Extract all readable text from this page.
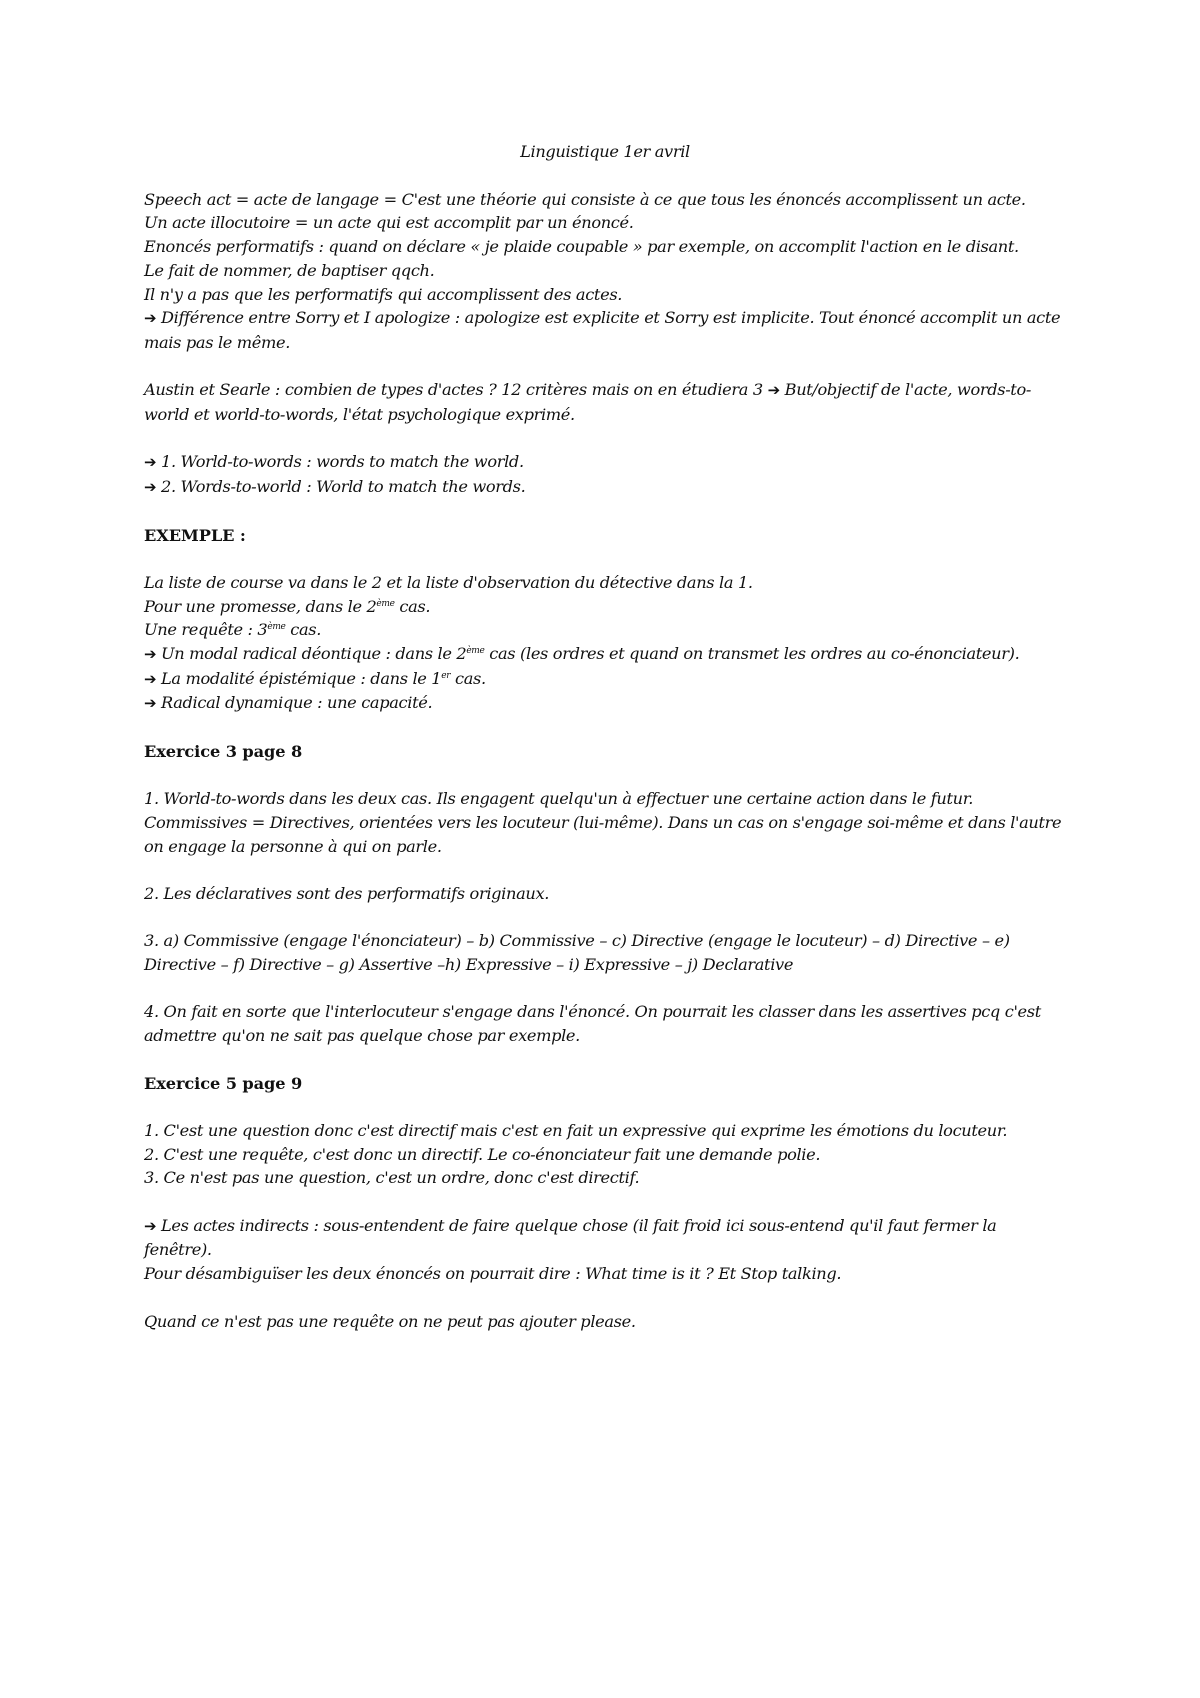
Linguistique 1er avril

Speech act = acte de langage = C'est une théorie qui consiste à ce que tous les énoncés accomplissent un acte.

Un acte illocutoire = un acte qui est accomplit par un énoncé.

Enoncés performatifs : quand on déclare « je plaide coupable » par exemple, on accomplit l'action en le disant.

Le fait de nommer, de baptiser qqch.

Il n'y a pas que les performatifs qui accomplissent des actes.

➔ Différence entre Sorry et I apologize : apologize est explicite et Sorry est implicite. Tout énoncé accomplit un acte mais pas le même.

Austin et Searle : combien de types d'actes ? 12 critères mais on en étudiera 3 ➔ But/objectif de l'acte, words-to-world et world-to-words, l'état psychologique exprimé.

➔ 1. World-to-words : words to match the world.

➔ 2. Words-to-world : World to match the words.

EXEMPLE :

La liste de course va dans le 2 et la liste d'observation du détective dans la 1.

Pour une promesse, dans le 2ème cas.

Une requête : 3ème cas.

➔ Un modal radical déontique : dans le 2ème cas (les ordres et quand on transmet les ordres au co-énonciateur).

➔ La modalité épistémique : dans le 1er cas.

➔ Radical dynamique : une capacité.

Exercice 3 page 8

1. World-to-words dans les deux cas. Ils engagent quelqu'un à effectuer une certaine action dans le futur. Commissives = Directives, orientées vers les locuteur (lui-même). Dans un cas on s'engage soi-même et dans l'autre on engage la personne à qui on parle.

2. Les déclaratives sont des performatifs originaux.

3. a) Commissive (engage l'énonciateur) – b) Commissive – c) Directive (engage le locuteur) – d) Directive – e) Directive – f) Directive – g) Assertive –h) Expressive – i) Expressive – j) Declarative

4. On fait en sorte que l'interlocuteur s'engage dans l'énoncé. On pourrait les classer dans les assertives pcq c'est admettre qu'on ne sait pas quelque chose par exemple.

Exercice 5 page 9

1. C'est une question donc c'est directif mais c'est en fait un expressive qui exprime les émotions du locuteur.

2. C'est une requête, c'est donc un directif. Le co-énonciateur fait une demande polie.

3. Ce n'est pas une question, c'est un ordre, donc c'est directif.

➔ Les actes indirects : sous-entendent de faire quelque chose (il fait froid ici sous-entend qu'il faut fermer la fenêtre).

Pour désambiguïser les deux énoncés on pourrait dire : What time is it ? Et Stop talking.

Quand ce n'est pas une requête on ne peut pas ajouter please.
